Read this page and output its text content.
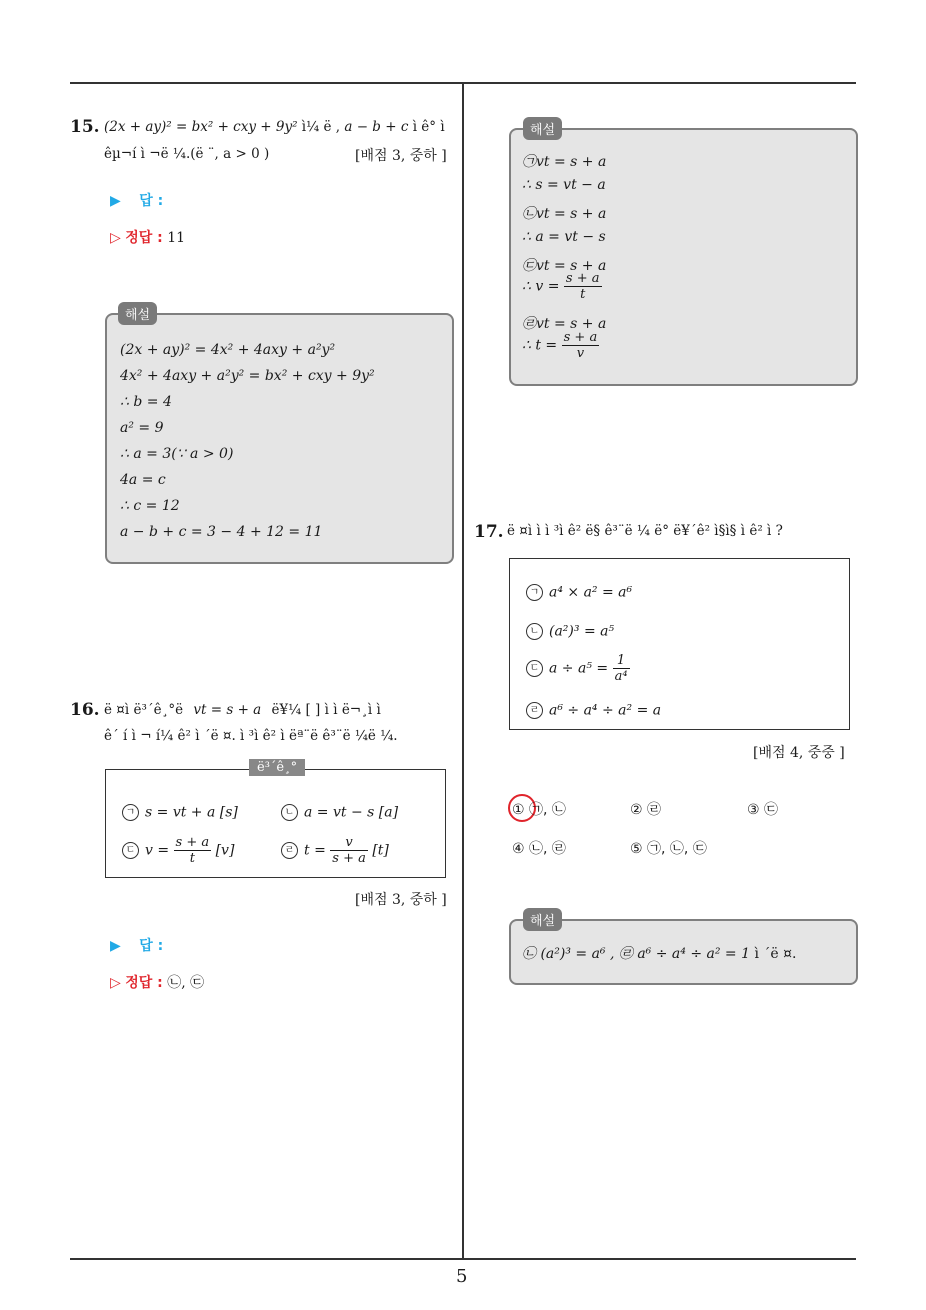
5
15. (2x + ay)² = bx² + cxy + 9y² ì¼ ë , a − b + c ì ê° ì
êµ¬í ì ¬ë ¼.(ë ¨, a > 0 )	[배점 3, 중하 ]
▶ 답 :
▷ 정답 : 11
해설
(2x + ay)² = 4x² + 4axy + a²y²
4x² + 4axy + a²y² = bx² + cxy + 9y²
∴ b = 4
a² = 9
∴ a = 3(∵ a > 0)
4a = c
∴ c = 12
a − b + c = 3 − 4 + 12 = 11
16. ë ¤ì ë³´ê¸°ë vt = s + a ë¥¼ [ ] ì ì ë¬¸ì ì
ê´ í ì ¬ í¼ ê² ì ´ë ¤. ì ³ì ê² ì ëª¨ë ê³¨ë ¼ë ¼.
ë³´ê¸°
ㄱ s = vt + a [s]	ㄴ a = vt − s [a]
ㄷ $v = \frac{s + a}{t} [v]$	ㄹ $t = \frac{v}{s + a} [t]$
[배점 3, 중하 ]
▶ 답 :
▷ 정답 : ㉡, ㉢
해설
㉠vt = s + a
∴ s = vt − a
㉡vt = s + a
∴ a = vt − s
㉢vt = s + a
∴ $v = \frac{s + a}{t}$
㉣vt = s + a
∴ $t = \frac{s + a}{v}$
17. ë ¤ì ì ì ³ì ê² ë§ ê³¨ë ¼ ë° ë¥´ê² ì§ì§ ì ê² ì ?
ㄱ a⁴ × a² = a⁶
ㄴ (a²)³ = a⁵
ㄷ $a \div a^5 = \frac{1}{\text{a⁴}}$
ㄹ a⁶ ÷ a⁴ ÷ a² = a
[배점 4, 중중 ]
① ㉠, ㉡	② ㉣	③ ㉢
④ ㉡, ㉣	⑤ ㉠, ㉡, ㉢
해설
㉡ (a²)³ = a⁶ , ㉣ a⁶ ÷ a⁴ ÷ a² = 1 ì ´ë ¤.
